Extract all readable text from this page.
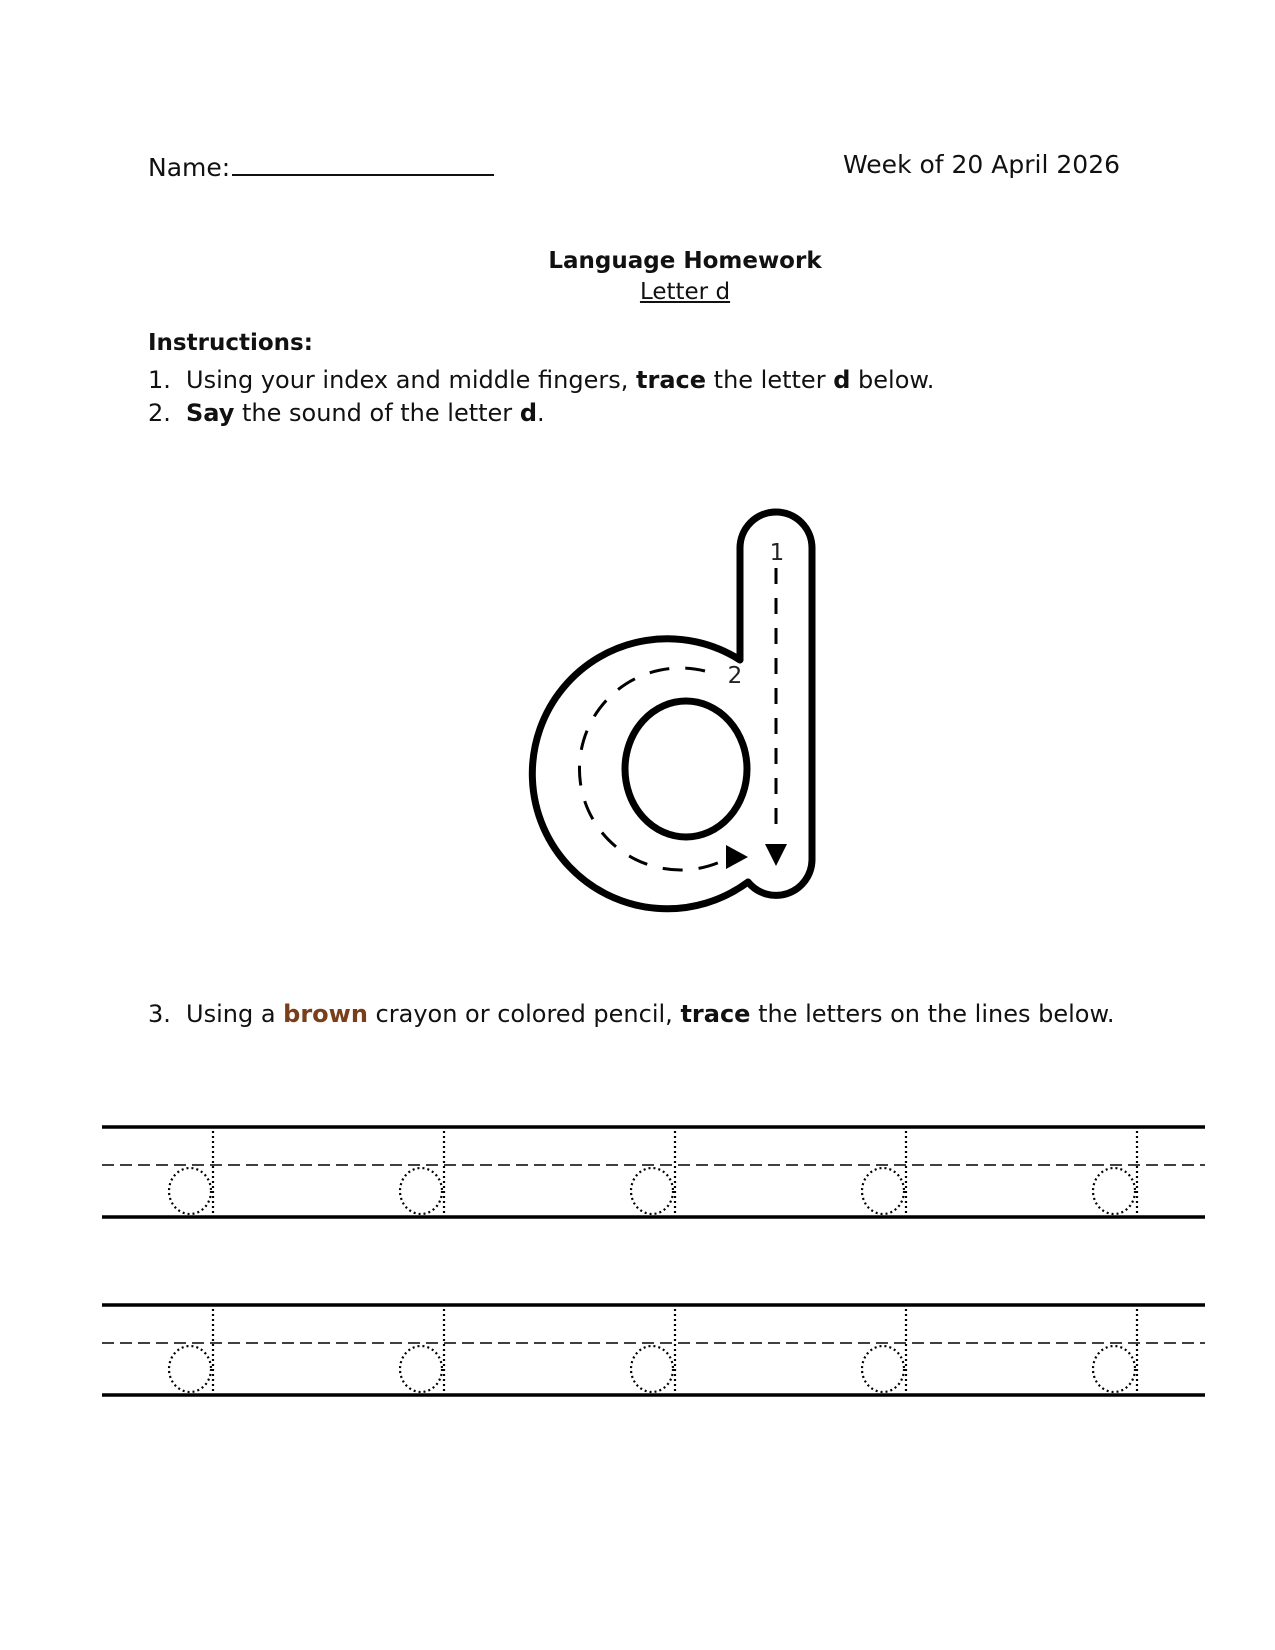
Name:	Week of 20 April 2026
Language Homework
Letter d
Instructions:
1. Using your index and middle fingers, trace the letter d below.
2. Say the sound of the letter d.
1
2
3. Using a brown crayon or colored pencil, trace the letters on the lines below.
